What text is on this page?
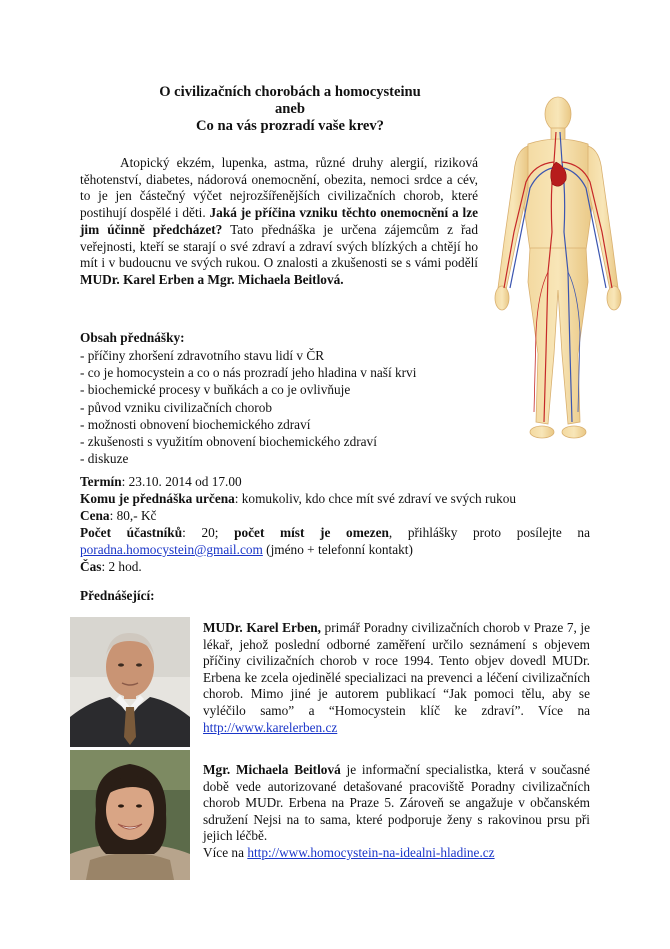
O civilizačních chorobách a homocysteinu
aneb
Co na vás prozradí vaše krev?
Atopický ekzém, lupenka, astma, různé druhy alergií, riziková těhotenství, diabetes, nádorová onemocnění, obezita, nemoci srdce a cév, to je jen částečný výčet nejrozšířenějších civilizačních chorob, které postihují dospělé i děti. Jaká je příčina vzniku těchto onemocnění a lze jim účinně předcházet? Tato přednáška je určena zájemcům z řad veřejnosti, kteří se starají o své zdraví a zdraví svých blízkých a chtějí ho mít i v budoucnu ve svých rukou. O znalosti a zkušenosti se s vámi podělí MUDr. Karel Erben a Mgr. Michaela Beitlová.
Obsah přednášky:
- příčiny zhoršení zdravotního stavu lidí v ČR
- co je homocystein a co o nás prozradí jeho hladina v naší krvi
- biochemické procesy v buňkách a co je ovlivňuje
- původ vzniku civilizačních chorob
- možnosti obnovení biochemického zdraví
- zkušenosti s využitím obnovení biochemického zdraví
- diskuze
Termín: 23.10. 2014 od 17.00
Komu je přednáška určena: komukoliv, kdo chce mít své zdraví ve svých rukou
Cena: 80,- Kč
Počet účastníků: 20; počet míst je omezen, přihlášky proto posílejte na
poradna.homocystein@gmail.com (jméno + telefonní kontakt)
Čas: 2 hod.
Přednášející:
MUDr. Karel Erben, primář Poradny civilizačních chorob v Praze 7, je lékař, jehož poslední odborné zaměření určilo seznámení s objevem příčiny civilizačních chorob v roce 1994. Tento objev dovedl MUDr. Erbena ke zcela ojedinělé specializaci na prevenci a léčení civilizačních chorob. Mimo jiné je autorem publikací “Jak pomoci tělu, aby se vyléčilo samo” a “Homocystein klíč ke zdraví”. Více na http://www.karelerben.cz
Mgr. Michaela Beitlová je informační specialistka, která v současné době vede autorizované detašované pracoviště Poradny civilizačních chorob MUDr. Erbena na Praze 5. Zároveň se angažuje v občanském sdružení Nejsi na to sama, které podporuje ženy s rakovinou prsu při jejich léčbě.
Více na http://www.homocystein-na-idealni-hladine.cz
